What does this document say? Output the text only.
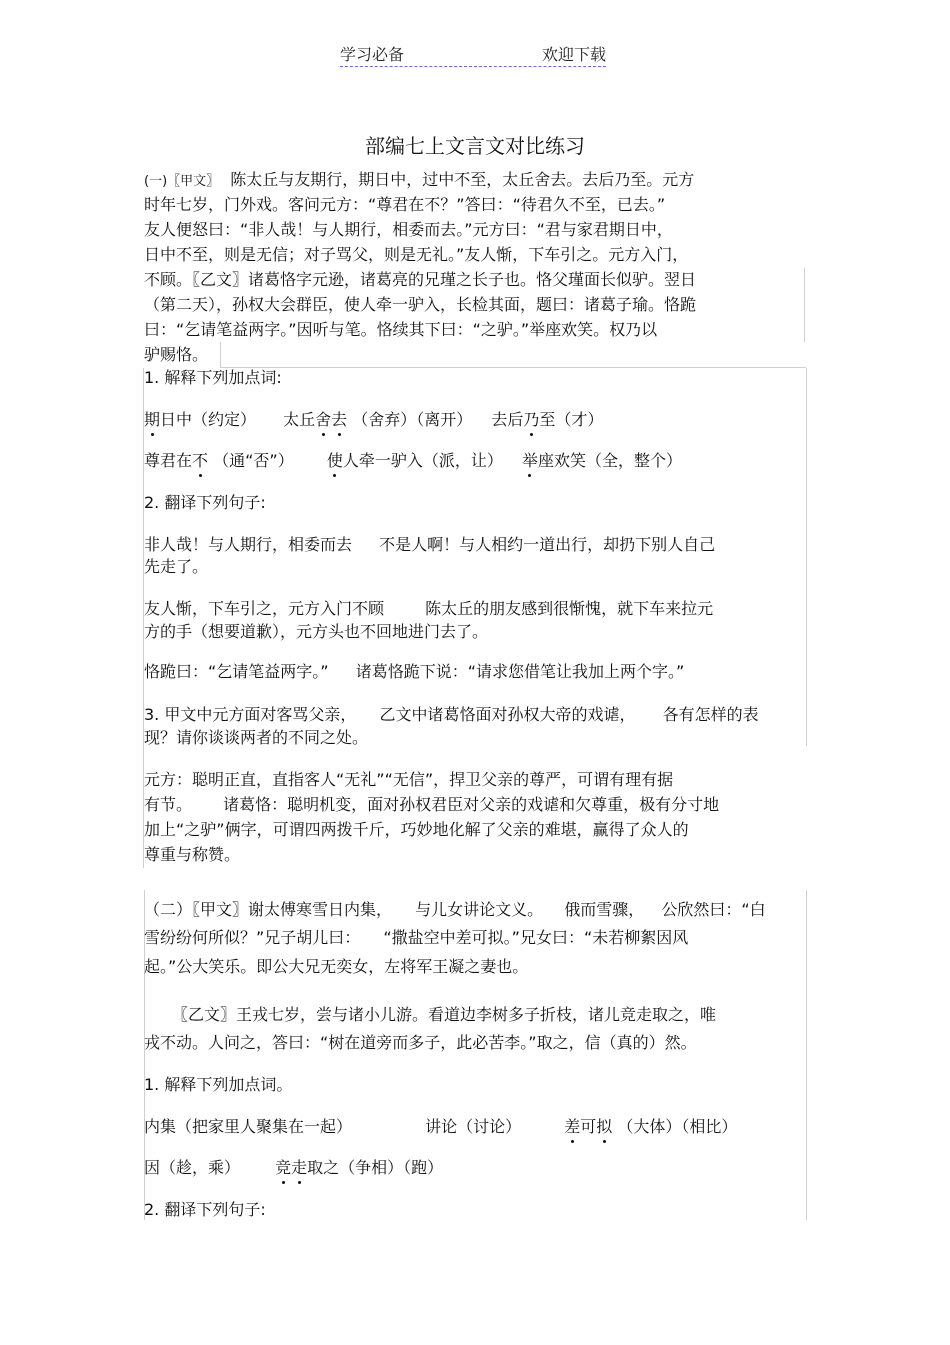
学习必备	欢迎下载
部编七上文言文对比练习
(一)〖甲文〗 陈太丘与友期行，期日中，过中不至，太丘舍去。去后乃至。元方
时年七岁，门外戏。客问元方：“尊君在不？”答曰：“待君久不至，已去。”
友人便怒曰：“非人哉！与人期行，相委而去。”元方曰：“君与家君期日中，
日中不至，则是无信；对子骂父，则是无礼。”友人惭，下车引之。元方入门，
不顾。〖乙文〗诸葛恪字元逊，诸葛亮的兄瑾之长子也。恪父瑾面长似驴。翌日
（第二天），孙权大会群臣，使人牵一驴入，长检其面，题曰：诸葛子瑜。恪跪
曰：“乞请笔益两字。”因听与笔。恪续其下曰：“之驴。”举座欢笑。权乃以
驴赐恪。
1. 解释下列加点词:
期日中（约定） 太丘舍去 （舍弃）（离开） 去后乃至（才）
尊君在不 （通“否”） 使人牵一驴入（派，让） 举座欢笑（全，整个）
2. 翻译下列句子:
非人哉！与人期行，相委而去 不是人啊！与人相约一道出行，却扔下别人自己
先走了。
友人惭，下车引之，元方入门不顾	陈太丘的朋友感到很惭愧，就下车来拉元
方的手（想要道歉），元方头也不回地进门去了。
恪跪曰：“乞请笔益两字。” 诸葛恪跪下说：“请求您借笔让我加上两个字。”
3. 甲文中元方面对客骂父亲， 乙文中诸葛恪面对孙权大帝的戏谑， 各有怎样的表
现？请你谈谈两者的不同之处。
元方：聪明正直，直指客人“无礼”“无信”，捍卫父亲的尊严，可谓有理有据
有节。 诸葛恪：聪明机变，面对孙权君臣对父亲的戏谑和欠尊重，极有分寸地
加上“之驴”俩字，可谓四两拨千斤，巧妙地化解了父亲的难堪，赢得了众人的
尊重与称赞。
（二）〖甲文〗谢太傅寒雪日内集， 与儿女讲论文义。 俄而雪骤， 公欣然曰：“白
雪纷纷何所似？”兄子胡儿曰： “撒盐空中差可拟。”兄女曰：“未若柳絮因风
起。”公大笑乐。即公大兄无奕女，左将军王凝之妻也。
〖乙文〗王戎七岁，尝与诸小儿游。看道边李树多子折枝，诸儿竞走取之，唯
戎不动。人问之，答曰：“树在道旁而多子，此必苦李。”取之，信（真的）然。
1. 解释下列加点词。
内集（把家里人聚集在一起）	讲论（讨论）	差可拟 （大体）（相比）
因（趁，乘） 竞走取之（争相）（跑）
2. 翻译下列句子:
